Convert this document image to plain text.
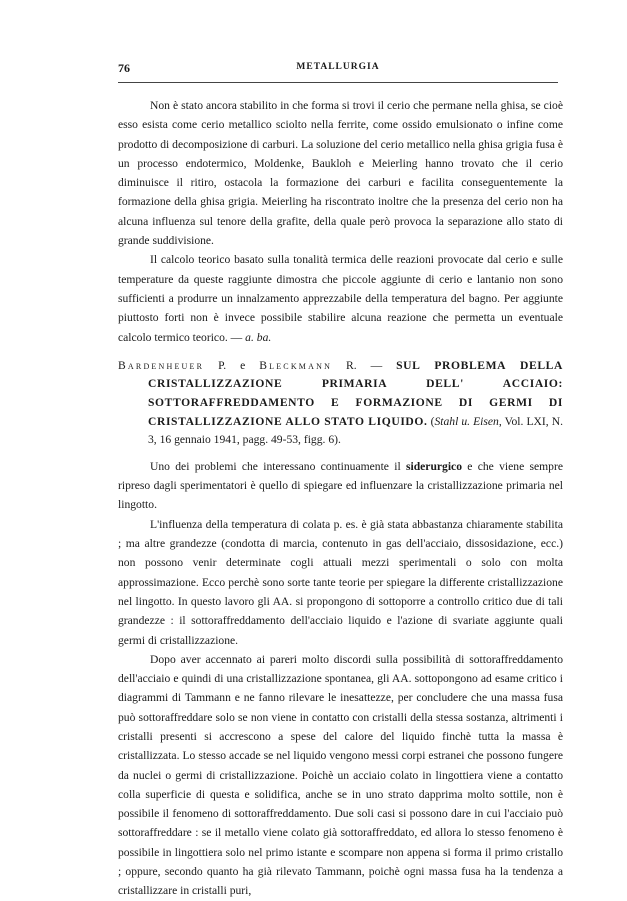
76	METALLURGIA

Non è stato ancora stabilito in che forma si trovi il cerio che permane nella ghisa, se cioè esso esista come cerio metallico sciolto nella ferrite, come ossido emulsionato o infine come prodotto di decomposizione di carburi. La soluzione del cerio metallico nella ghisa grigia fusa è un processo endotermico, Moldenke, Baukloh e Meierling hanno trovato che il cerio diminuisce il ritiro, ostacola la formazione dei carburi e facilita conseguentemente la formazione della ghisa grigia. Meierling ha riscontrato inoltre che la presenza del cerio non ha alcuna influenza sul tenore della grafite, della quale però provoca la separazione allo stato di grande suddivisione.

Il calcolo teorico basato sulla tonalità termica delle reazioni provocate dal cerio e sulle temperature da queste raggiunte dimostra che piccole aggiunte di cerio e lantanio non sono sufficienti a produrre un innalzamento apprezzabile della temperatura del bagno. Per aggiunte piuttosto forti non è invece possibile stabilire alcuna reazione che permetta un eventuale calcolo termico teorico. — a. ba.

Bardenheuer P. e Bleckmann R. — SUL PROBLEMA DELLA CRISTALLIZZAZIONE PRIMARIA DELL' ACCIAIO: SOTTORAFFREDDAMENTO E FORMAZIONE DI GERMI DI CRISTALLIZZAZIONE ALLO STATO LIQUIDO. (Stahl u. Eisen, Vol. LXI, N. 3, 16 gennaio 1941, pagg. 49-53, figg. 6).

Uno dei problemi che interessano continuamente il siderurgico e che viene sempre ripreso dagli sperimentatori è quello di spiegare ed influenzare la cristallizzazione primaria nel lingotto.

L'influenza della temperatura di colata p. es. è già stata abbastanza chiaramente stabilita ; ma altre grandezze (condotta di marcia, contenuto in gas dell'acciaio, dissosidazione, ecc.) non possono venir determinate cogli attuali mezzi sperimentali o solo con molta approssimazione. Ecco perchè sono sorte tante teorie per spiegare la differente cristallizzazione nel lingotto. In questo lavoro gli AA. si propongono di sottoporre a controllo critico due di tali grandezze : il sottoraffreddamento dell'acciaio liquido e l'azione di svariate aggiunte quali germi di cristallizzazione.

Dopo aver accennato ai pareri molto discordi sulla possibilità di sottoraffreddamento dell'acciaio e quindi di una cristallizzazione spontanea, gli AA. sottopongono ad esame critico i diagrammi di Tammann e ne fanno rilevare le inesattezze, per concludere che una massa fusa può sottoraffreddare solo se non viene in contatto con cristalli della stessa sostanza, altrimenti i cristalli presenti si accrescono a spese del calore del liquido finchè tutta la massa è cristallizzata. Lo stesso accade se nel liquido vengono messi corpi estranei che possono fungere da nuclei o germi di cristallizzazione. Poichè un acciaio colato in lingottiera viene a contatto colla superficie di questa e solidifica, anche se in uno strato dapprima molto sottile, non è possibile il fenomeno di sottoraffreddamento. Due soli casi si possono dare in cui l'acciaio può sottoraffreddare : se il metallo viene colato già sottoraffreddato, ed allora lo stesso fenomeno è possibile in lingottiera solo nel primo istante e scompare non appena si forma il primo cristallo ; oppure, secondo quanto ha già rilevato Tammann, poichè ogni massa fusa ha la tendenza a cristallizzare in cristalli puri,
